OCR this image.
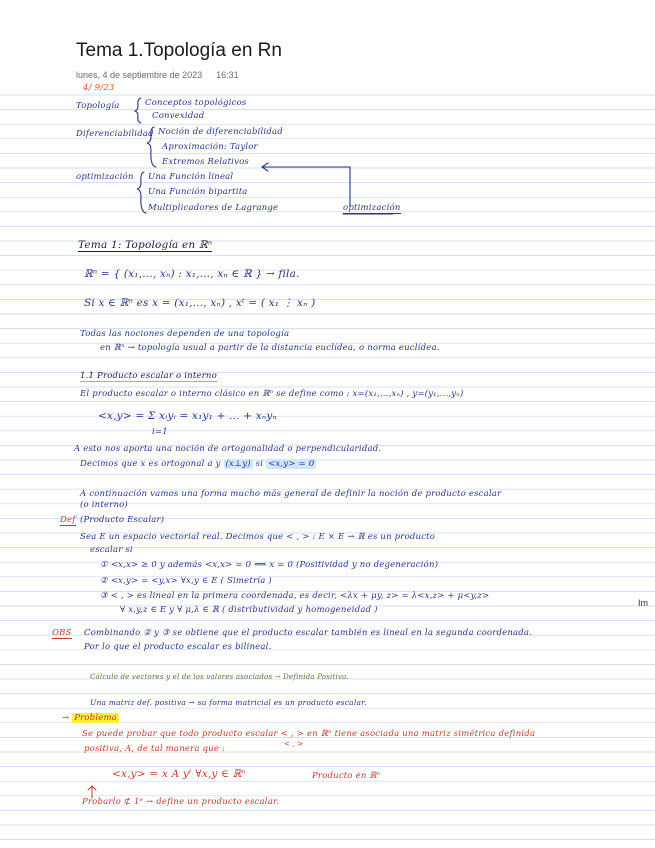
Tema 1.Topología en Rn
lunes, 4 de septiembre de 2023 16:31
Im
4/ 9/23
Topología	Conceptos topológicos
Convexidad
Diferenciabilidad Noción de diferenciabilidad
Aproximación: Taylor
Extremos Relativos
optimización Una Función lineal
Una Función bipartita
Multiplicadores de Lagrange	optimización
Tema 1: Topología en ℝⁿ
ℝⁿ = { (x₁,..., xₙ) : x₁,..., xₙ ∈ ℝ } → fila.
Si x ∈ ℝⁿ es x = (x₁,..., xₙ) , xᵗ = ( x₁ ⋮ xₙ )
Todas las nociones dependen de una topología
en ℝⁿ → topología usual a partir de la distancia euclídea, o norma euclídea.
1.1 Producto escalar o interno
El producto escalar o interno clásico en ℝⁿ se define como : x=(x₁,...,xₙ) , y=(y₁,...,yₙ)
<x,y> = Σ xᵢyᵢ = x₁y₁ + ... + xₙyₙ
i=1
A esto nos aporta una noción de ortogonalidad o perpendicularidad.
Decimos que x es ortogonal a y (x⊥y) si <x,y> = 0
A continuación vamos una forma mucho más general de definir la noción de producto escalar
(o interno)
Def (Producto Escalar)
Sea E un espacio vectorial real. Decimos que < , > : E × E → ℝ es un producto
escalar si
① <x,x> ≥ 0 y además <x,x> = 0 ⟺ x = 0 (Positividad y no degeneración)
② <x,y> = <y,x> ∀x,y ∈ E ( Simetría )
③ < , > es lineal en la primera coordenada, es decir, <λx + μy, z> = λ<x,z> + μ<y,z>
∀ x,y,z ∈ E y ∀ μ,λ ∈ ℝ ( distributividad y homogeneidad )
OBS Combinando ② y ③ se obtiene que el producto escalar también es lineal en la segunda coordenada.
Por lo que el producto escalar es bilineal.
Cálculo de vectores y el de los valores asociados → Definida Positiva.
Una matriz def. positiva → su forma matricial es un producto escalar.
→ Problema
Se puede probar que todo producto escalar < , > en ℝⁿ tiene asociada una matriz simétrica definida
positiva, A, de tal manera que :	< , >
<x,y> = x A yᵗ ∀x,y ∈ ℝⁿ	Producto en ℝⁿ
Probarlo ⊄ 1ᵉ → define un producto escalar.
